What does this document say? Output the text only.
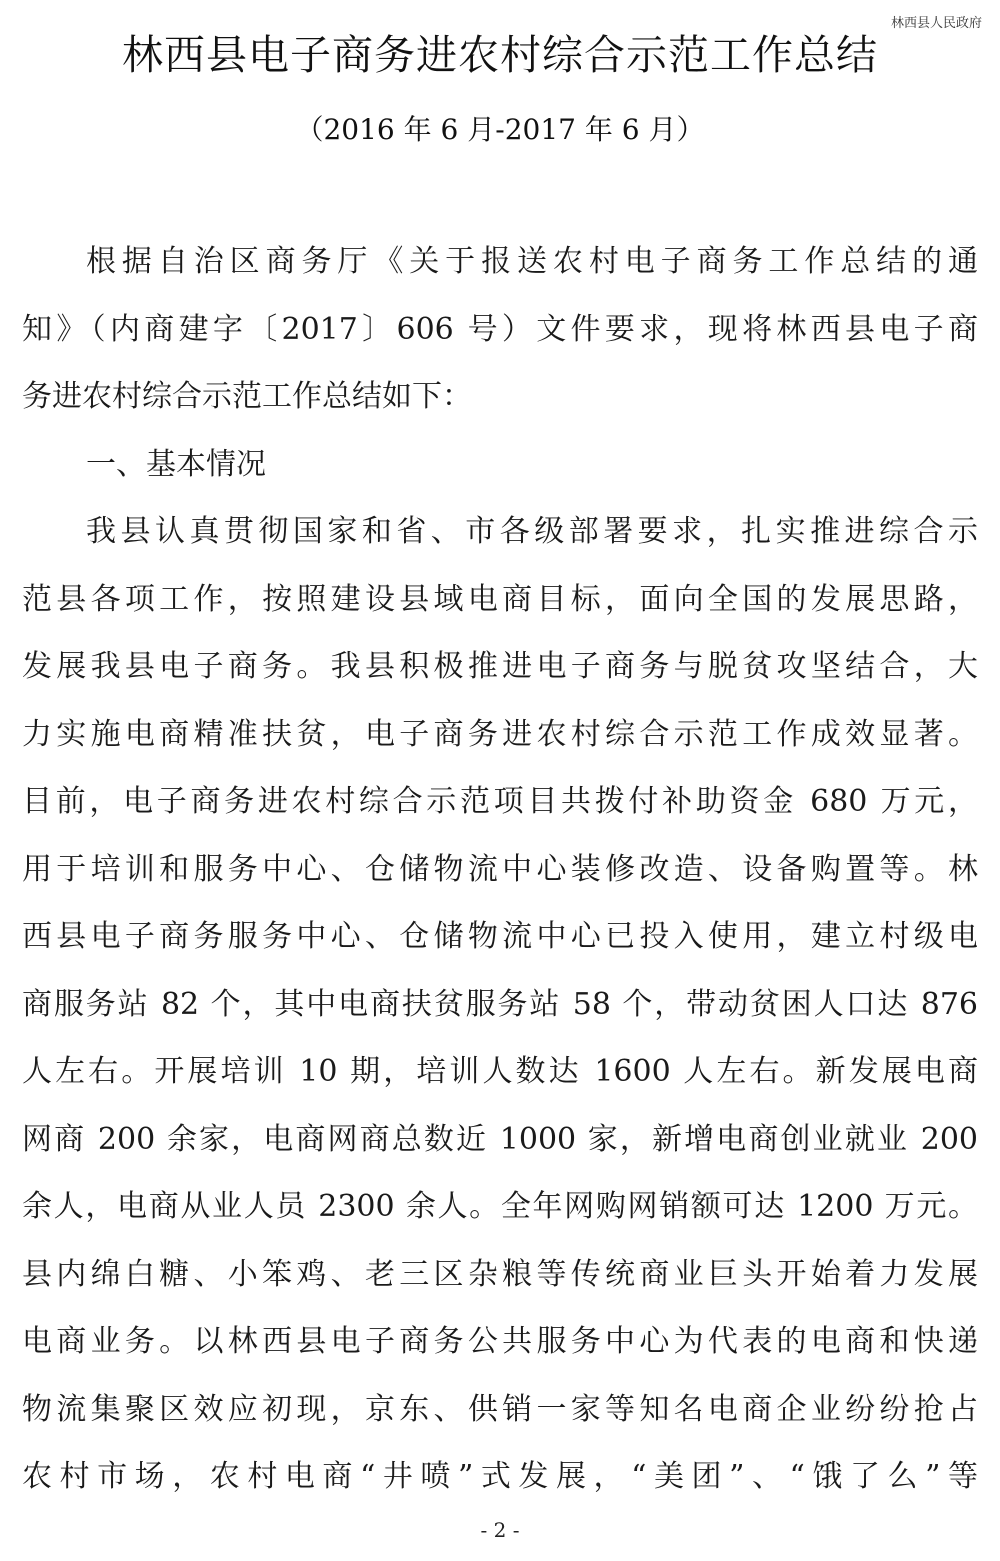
林西县人民政府
林西县电子商务进农村综合示范工作总结
（2016 年 6 月-2017 年 6 月）
根据自治区商务厅《关于报送农村电子商务工作总结的通
知》（内商建字〔2017〕606 号）文件要求，现将林西县电子商
务进农村综合示范工作总结如下：
一、基本情况
我县认真贯彻国家和省、市各级部署要求，扎实推进综合示
范县各项工作，按照建设县域电商目标，面向全国的发展思路，
发展我县电子商务。我县积极推进电子商务与脱贫攻坚结合，大
力实施电商精准扶贫，电子商务进农村综合示范工作成效显著。
目前，电子商务进农村综合示范项目共拨付补助资金 680 万元，
用于培训和服务中心、仓储物流中心装修改造、设备购置等。林
西县电子商务服务中心、仓储物流中心已投入使用，建立村级电
商服务站 82 个，其中电商扶贫服务站 58 个，带动贫困人口达 876
人左右。开展培训 10 期，培训人数达 1600 人左右。新发展电商
网商 200 余家，电商网商总数近 1000 家，新增电商创业就业 200
余人，电商从业人员 2300 余人。全年网购网销额可达 1200 万元。
县内绵白糖、小笨鸡、老三区杂粮等传统商业巨头开始着力发展
电商业务。以林西县电子商务公共服务中心为代表的电商和快递
物流集聚区效应初现，京东、供销一家等知名电商企业纷纷抢占
农村市场，农村电商“井喷”式发展，“美团”、“饿了么”等
- 2 -
